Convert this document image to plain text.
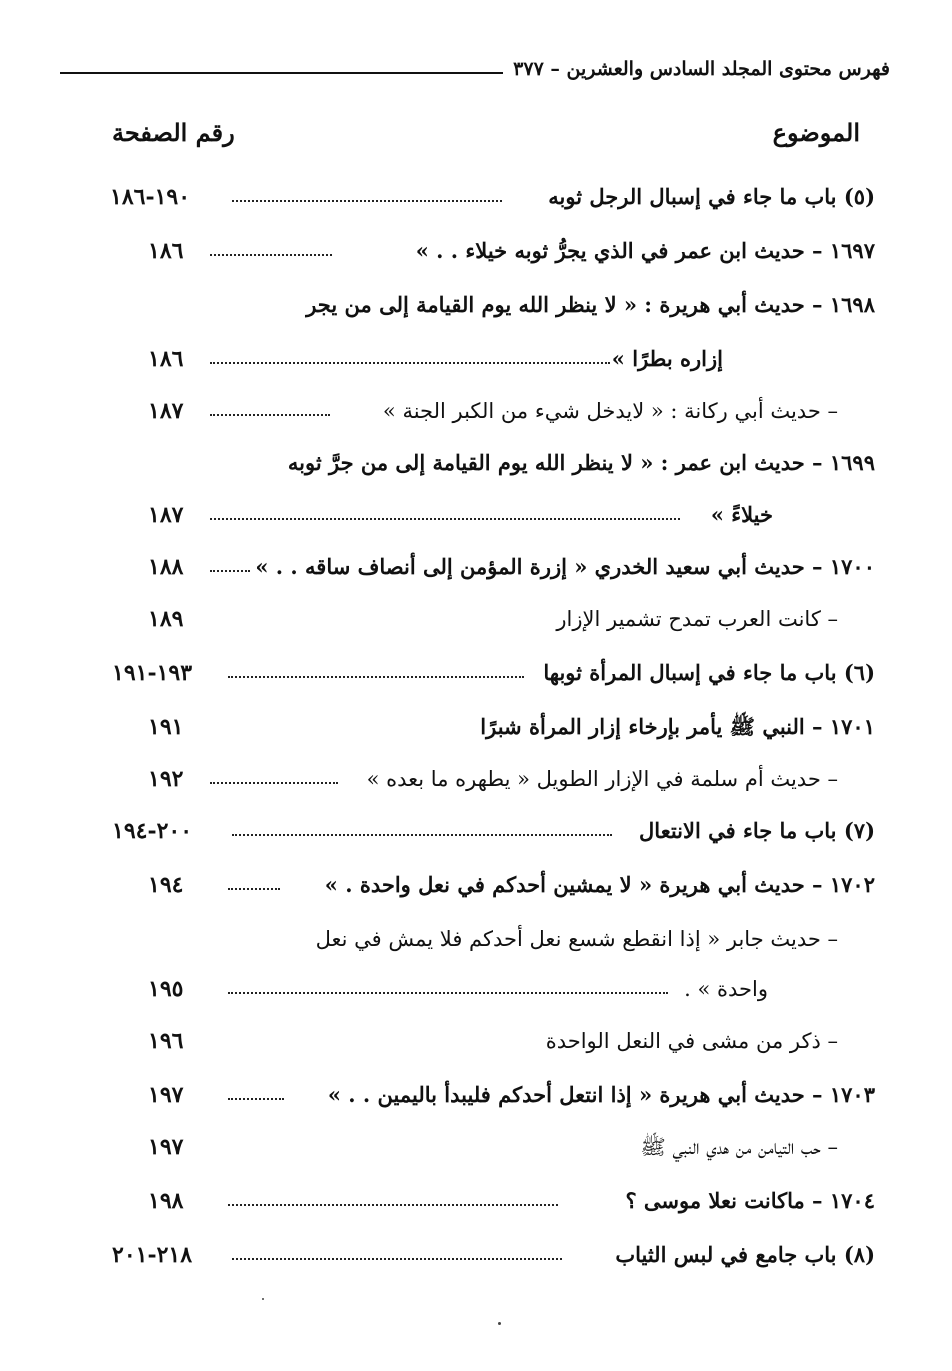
فهرس محتوى المجلد السادس والعشرين – ٣٧٧
الموضوع
رقم الصفحة
(٥) باب ما جاء في إسبال الرجل ثوبه
١٩٠-١٨٦
١٦٩٧ – حديث ابن عمر في الذي يجرُّ ثوبه خيلاء . . »
١٨٦
١٦٩٨ – حديث أبي هريرة : « لا ينظر الله يوم القيامة إلى من يجر
إزاره بطرًا »
١٨٦
– حديث أبي ركانة : « لايدخل شيء من الكبر الجنة »
١٨٧
١٦٩٩ – حديث ابن عمر : « لا ينظر الله يوم القيامة إلى من جرَّ ثوبه
خيلاءً »
١٨٧
١٧٠٠ – حديث أبي سعيد الخدري « إزرة المؤمن إلى أنصاف ساقه . . »
١٨٨
– كانت العرب تمدح تشمير الإزار
١٨٩
(٦) باب ما جاء في إسبال المرأة ثوبها
١٩٣-١٩١
١٧٠١ – النبي ﷺ يأمر بإرخاء إزار المرأة شبرًا
١٩١
– حديث أم سلمة في الإزار الطويل « يطهره ما بعده »
١٩٢
(٧) باب ما جاء في الانتعال
٢٠٠-١٩٤
١٧٠٢ – حديث أبي هريرة « لا يمشين أحدكم في نعل واحدة . »
١٩٤
– حديث جابر « إذا انقطع شسع نعل أحدكم فلا يمش في نعل
واحدة » .
١٩٥
– ذكر من مشى في النعل الواحدة
١٩٦
١٧٠٣ – حديث أبي هريرة « إذا انتعل أحدكم فليبدأ باليمين . . »
١٩٧
– حب التيامن من هدي النبي ﷺ
١٩٧
١٧٠٤ – ماكانت نعلا موسى ؟
١٩٨
(٨) باب جامع في لبس الثياب
٢١٨-٢٠١
